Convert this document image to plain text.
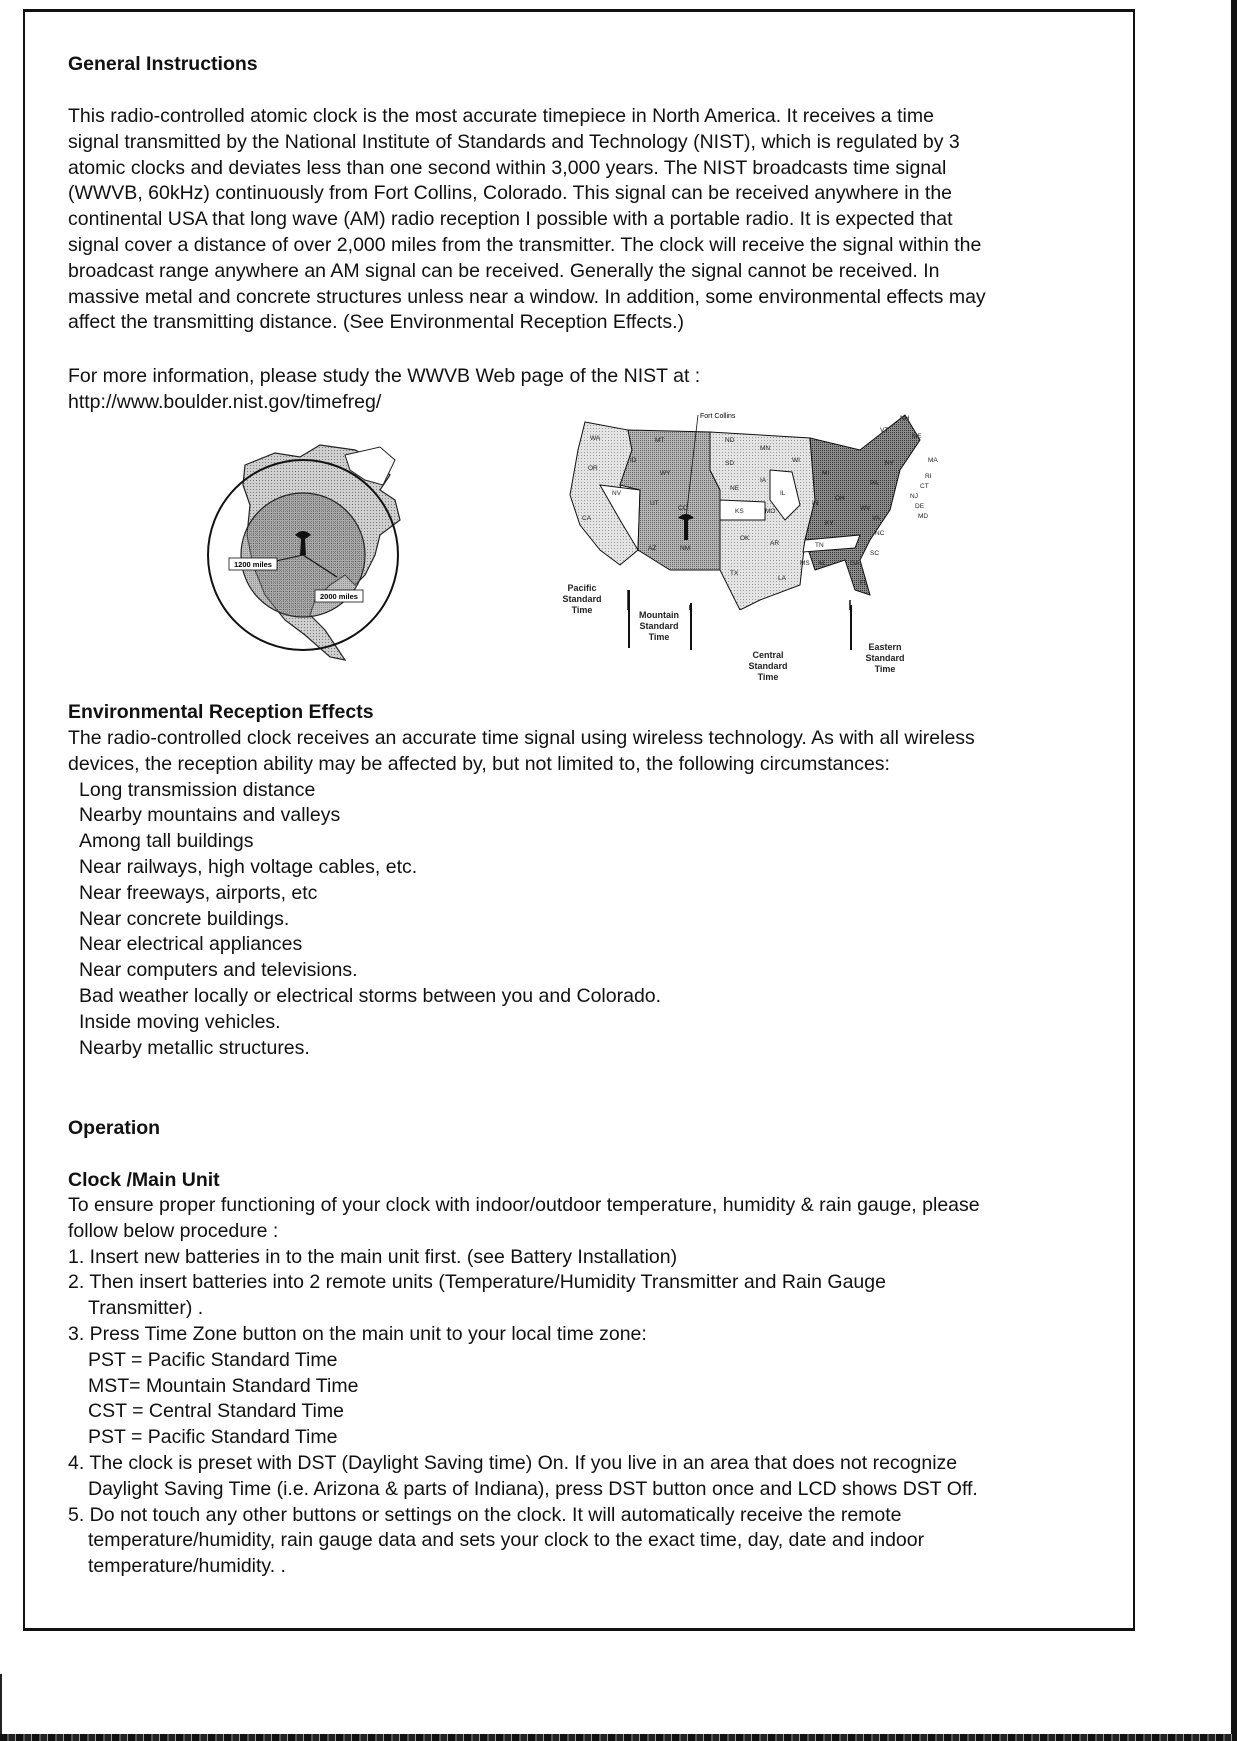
General Instructions
This radio-controlled atomic clock is the most accurate timepiece in North America. It receives a time
signal transmitted by the National Institute of Standards and Technology (NIST), which is regulated by 3
atomic clocks and deviates less than one second within 3,000 years. The NIST broadcasts time signal
(WWVB, 60kHz) continuously from Fort Collins, Colorado. This signal can be received anywhere in the
continental USA that long wave (AM) radio reception I possible with a portable radio. It is expected that
signal cover a distance of over 2,000 miles from the transmitter. The clock will receive the signal within the
broadcast range anywhere an AM signal can be received. Generally the signal cannot be received. In
massive metal and concrete structures unless near a window. In addition, some environmental effects may
affect the transmitting distance. (See Environmental Reception Effects.)
For more information, please study the WWVB Web page of the NIST at :
http://www.boulder.nist.gov/timefreg/
Environmental Reception Effects
The radio-controlled clock receives an accurate time signal using wireless technology. As with all wireless
devices, the reception ability may be affected by, but not limited to, the following circumstances:
Long transmission distance
Nearby mountains and valleys
Among tall buildings
Near railways, high voltage cables, etc.
Near freeways, airports, etc
Near concrete buildings.
Near electrical appliances
Near computers and televisions.
Bad weather locally or electrical storms between you and Colorado.
Inside moving vehicles.
Nearby metallic structures.
Operation
Clock /Main Unit
To ensure proper functioning of your clock with indoor/outdoor temperature, humidity & rain gauge, please
follow below procedure :
1. Insert new batteries in to the main unit first. (see Battery Installation)
2. Then insert batteries into 2 remote units (Temperature/Humidity Transmitter and Rain Gauge
Transmitter) .
3. Press Time Zone button on the main unit to your local time zone:
PST = Pacific Standard Time
MST= Mountain Standard Time
CST = Central Standard Time
PST = Pacific Standard Time
4. The clock is preset with DST (Daylight Saving time) On. If you live in an area that does not recognize
Daylight Saving Time (i.e. Arizona & parts of Indiana), press DST button once and LCD shows DST Off.
5. Do not touch any other buttons or settings on the clock. It will automatically receive the remote
temperature/humidity, rain gauge data and sets your clock to the exact time, day, date and indoor
temperature/humidity. .
1200 miles
2000 miles
Fort Collins
WA
OR
CA
NV
ID
MT
WY
UT
CO
AZ	NM
ND
SD
NE
KS
OK
TX
MN
IA
MO
AR
LA
WI
IL
MS AL
TN
KY
IN
MI
OH
GA
FL
SC
NC
VA
WV
PA
NY
VT
NH
ME
MA
RI
CT
NJ
DE
MD
Pacific
Standard
Time	Mountain
Standard
Time
Central
Standard
Time
Eastern
Standard
Time
